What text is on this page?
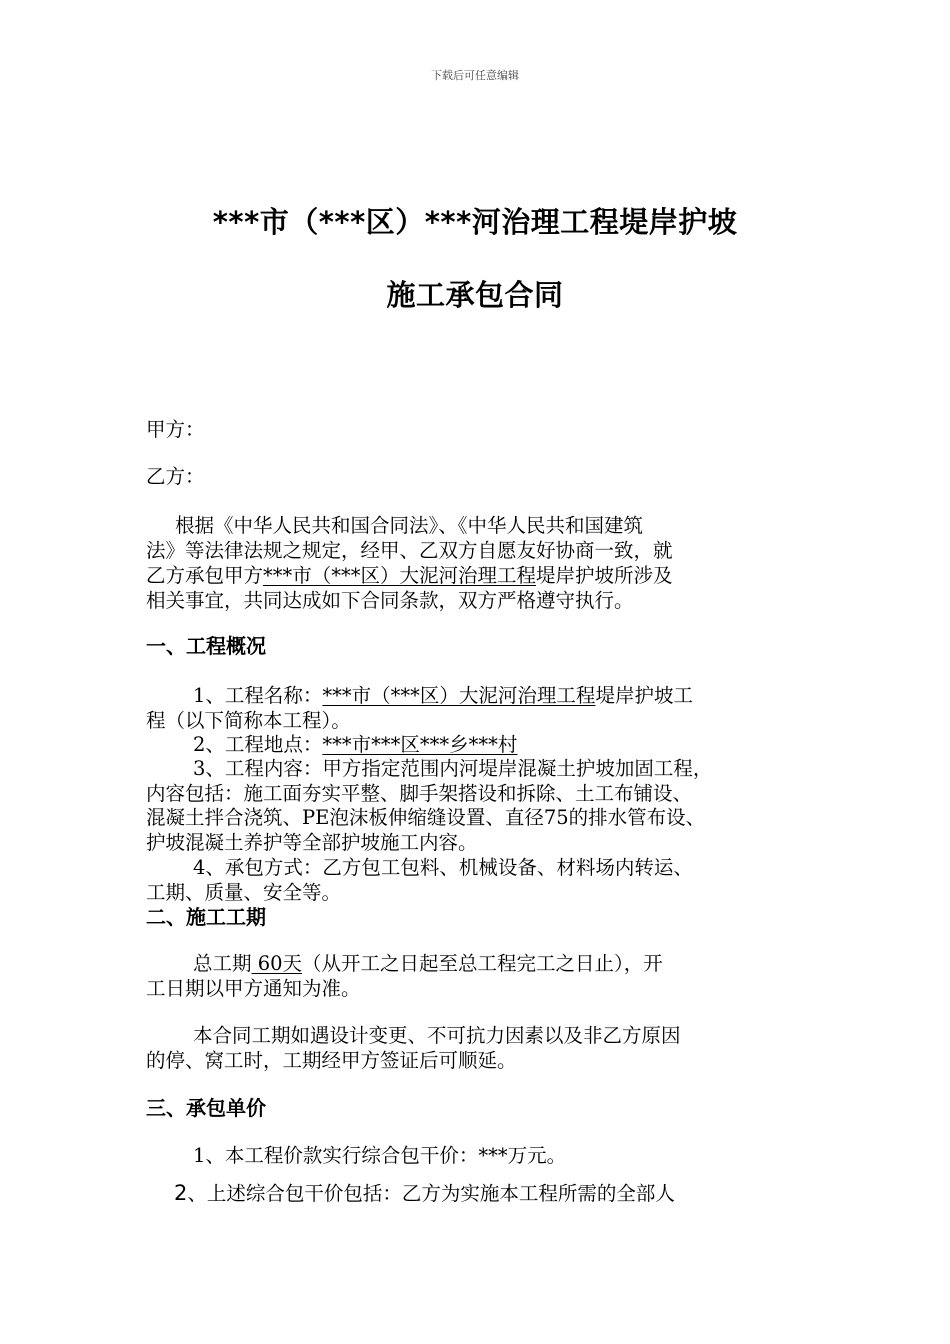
下载后可任意编辑
***市（***区）***河治理工程堤岸护坡
施工承包合同
甲方：
乙方：
根据《中华人民共和国合同法》、《中华人民共和国建筑
法》等法律法规之规定，经甲、乙双方自愿友好协商一致，就
乙方承包甲方***市（***区）大泥河治理工程堤岸护坡所涉及
相关事宜，共同达成如下合同条款，双方严格遵守执行。
一、工程概况
1、工程名称：***市（***区）大泥河治理工程堤岸护坡工
程（以下简称本工程）。
2、工程地点：***市***区***乡***村
3、工程内容：甲方指定范围内河堤岸混凝土护坡加固工程，
内容包括：施工面夯实平整、脚手架搭设和拆除、土工布铺设、
混凝土拌合浇筑、PE泡沫板伸缩缝设置、直径75的排水管布设、
护坡混凝土养护等全部护坡施工内容。
4、承包方式：乙方包工包料、机械设备、材料场内转运、
工期、质量、安全等。
二、施工工期
总工期 60天（从开工之日起至总工程完工之日止），开
工日期以甲方通知为准。
本合同工期如遇设计变更、不可抗力因素以及非乙方原因
的停、窝工时，工期经甲方签证后可顺延。
三、承包单价
1、本工程价款实行综合包干价：***万元。
2、上述综合包干价包括：乙方为实施本工程所需的全部人
